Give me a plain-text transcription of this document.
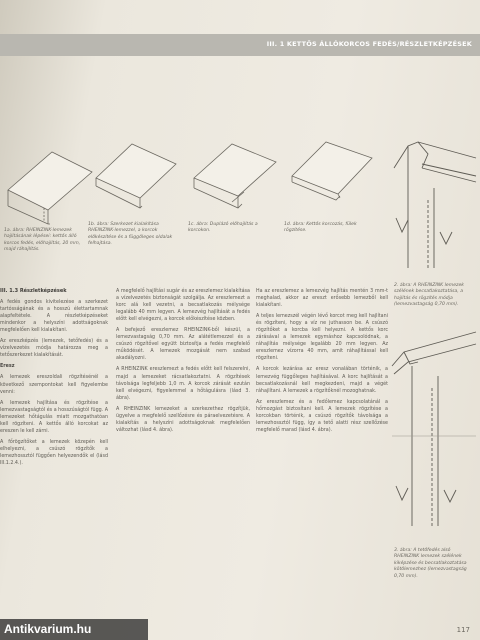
III. 1 KETTŐS ÁLLÓKORCOS FEDÉS/RÉSZLETKÉPZÉSEK
1a. ábra: RHEINZINK-lemezek hajlításának lépései: kettős álló korcos fedés, előhajlítás, 20 mm, majd ráhajlítás.
1b. ábra: Szerkezet kialakítása RHEINZINK-lemezzel, a korcok előkészítése és a függőleges oldalak felhajtása.
1c. ábra: Duplázó előhajlítás a korcokon.
1d. ábra: Kettős korcozás, fülek rögzítése.
2. ábra: A RHEINZINK lemezek szélének becsatlakoztatása, a hajlítás és rögzítés módja (lemezvastagság 0,70 mm).
3. ábra: A tetőfedés alsó RHEINZINK lemezek szélének kiképzése és becsatlakoztatása kötőlemezhez (lemezvastagság 0,70 mm).

III. 1.3 Részletképzések

A fedés gondos kivitelezése a szerkezet tartósságának és a hosszú élettartamnak alapfeltétele. A részletképzéseket mindenkor a helyszíni adottságoknak megfelelően kell kialakítani.

Az ereszképzés (lemezek, tetőfedés) és a vízelvezetés módja határozza meg a tetőszerkezet kialakítását.

Eresz

A lemezek ereszoldali rögzítésénél a következő szempontokat kell figyelembe venni:

A lemezek hajlítása és rögzítése a lemezvastagságtól és a hosszúságtól függ. A lemezeket hőtágulás miatt mozgathatóan kell rögzíteni. A kettős álló korcokat az ereszen le kell zárni.

A főrögzítőket a lemezek közepén kell elhelyezni, a csúszó rögzítők a lemezhossztól függően helyezendők el (lásd III.1.2.4.).

A megfelelő hajlítási sugár és az ereszlemez kialakítása a vízelvezetés biztonságát szolgálja. Az ereszlemezt a korc alá kell vezetni, a becsatlakozás mélysége legalább 40 mm legyen. A lemezvég hajlítását a fedés előtt kell elvégezni, a korcok előkészítése közben.

A befejező ereszlemez RHEINZINK-ből készül, a lemezvastagság 0,70 mm. Az alátétlemezzel és a csúszó rögzítővel együtt biztosítja a fedés megfelelő működését. A lemezek mozgását nem szabad akadályozni.

A RHEINZINK ereszlemezt a fedés előtt kell felszerelni, majd a lemezeket rácsatlakoztatni. A rögzítések távolsága legfeljebb 1,0 m. A korcok zárását ezután kell elvégezni, figyelemmel a hőtágulásra (lásd 3. ábra).

A RHEINZINK lemezeket a szerkezethez rögzítjük, ügyelve a megfelelő szellőzésre és páraelvezetésre. A kialakítás a helyszíni adottságoknak megfelelően változhat (lásd 4. ábra).

Ha az ereszlemez a lemezvég hajlítás mentén 3 mm-t meghalad, akkor az ereszt erősebb lemezből kell kialakítani.

A teljes lemezszél végén lévő korcot meg kell hajlítani és rögzíteni, hogy a víz ne juthasson be. A csúszó rögzítőket a korcba kell helyezni. A kettős korc zárásával a lemezek egymáshoz kapcsolódnak, a ráhajlítás mélysége legalább 20 mm legyen. Az ereszlemez vízorra 40 mm, amit ráhajlítással kell rögzíteni.

A korcok lezárása az eresz vonalában történik, a lemezvég függőleges hajlításával. A korc hajlítását a becsatlakozásnál kell megkezdeni, majd a végét ráhajlítani. A lemezek a rögzítőknél mozoghatnak.

Az ereszlemez és a fedőlemez kapcsolatánál a hőmozgást biztosítani kell. A lemezek rögzítése a korcokban történik, a csúszó rögzítők távolsága a lemezhossztól függ, így a tető alatti rész szellőzése megfelelő marad (lásd 4. ábra).

117
Antikvarium.hu
